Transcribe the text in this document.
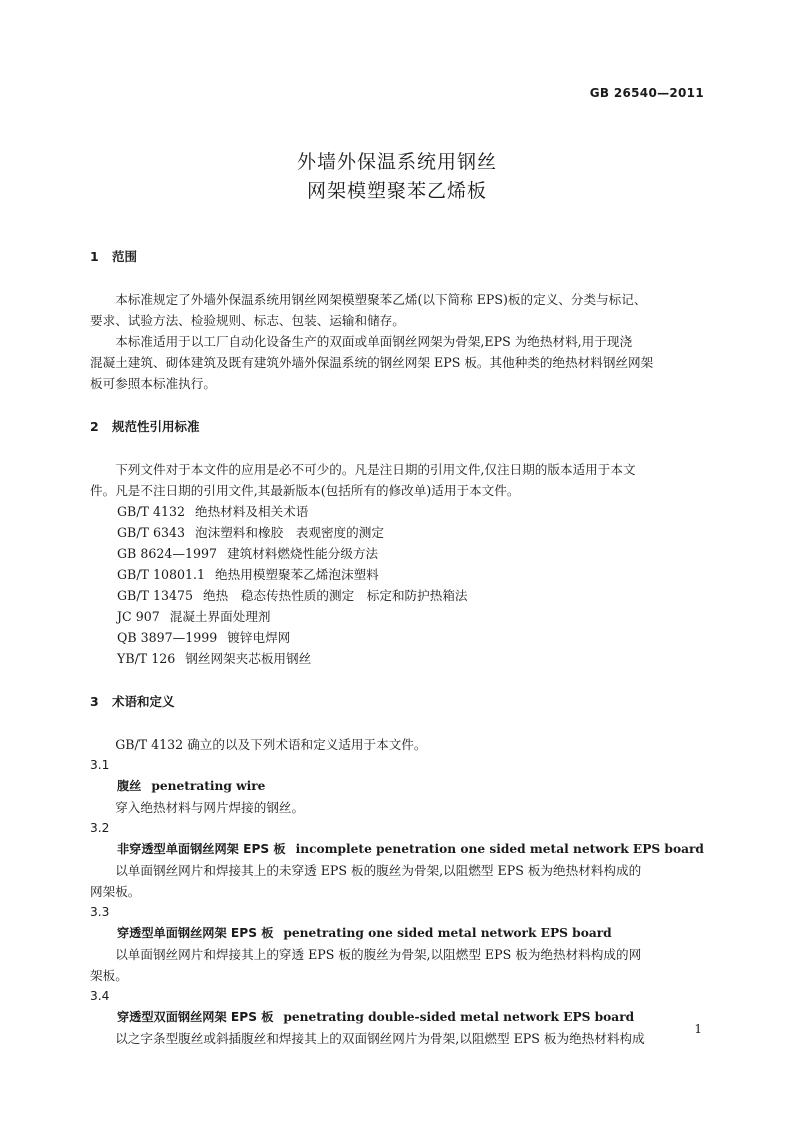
GB 26540—2011
外墙外保温系统用钢丝
网架模塑聚苯乙烯板
1 范围
本标准规定了外墙外保温系统用钢丝网架模塑聚苯乙烯(以下简称 EPS)板的定义、分类与标记、
要求、试验方法、检验规则、标志、包装、运输和储存。
本标准适用于以工厂自动化设备生产的双面或单面钢丝网架为骨架,EPS 为绝热材料,用于现浇
混凝土建筑、砌体建筑及既有建筑外墙外保温系统的钢丝网架 EPS 板。其他种类的绝热材料钢丝网架
板可参照本标准执行。
2 规范性引用标准
下列文件对于本文件的应用是必不可少的。凡是注日期的引用文件,仅注日期的版本适用于本文
件。凡是不注日期的引用文件,其最新版本(包括所有的修改单)适用于本文件。
GB/T 4132 绝热材料及相关术语
GB/T 6343 泡沫塑料和橡胶　表观密度的测定
GB 8624—1997 建筑材料燃烧性能分级方法
GB/T 10801.1 绝热用模塑聚苯乙烯泡沫塑料
GB/T 13475 绝热　稳态传热性质的测定　标定和防护热箱法
JC 907 混凝土界面处理剂
QB 3897—1999 镀锌电焊网
YB/T 126 钢丝网架夹芯板用钢丝
3 术语和定义
GB/T 4132 确立的以及下列术语和定义适用于本文件。
3.1
腹丝 penetrating wire
穿入绝热材料与网片焊接的钢丝。
3.2
非穿透型单面钢丝网架 EPS 板 incomplete penetration one sided metal network EPS board
以单面钢丝网片和焊接其上的未穿透 EPS 板的腹丝为骨架,以阻燃型 EPS 板为绝热材料构成的
网架板。
3.3
穿透型单面钢丝网架 EPS 板 penetrating one sided metal network EPS board
以单面钢丝网片和焊接其上的穿透 EPS 板的腹丝为骨架,以阻燃型 EPS 板为绝热材料构成的网
架板。
3.4
穿透型双面钢丝网架 EPS 板 penetrating double-sided metal network EPS board
以之字条型腹丝或斜插腹丝和焊接其上的双面钢丝网片为骨架,以阻燃型 EPS 板为绝热材料构成
1
